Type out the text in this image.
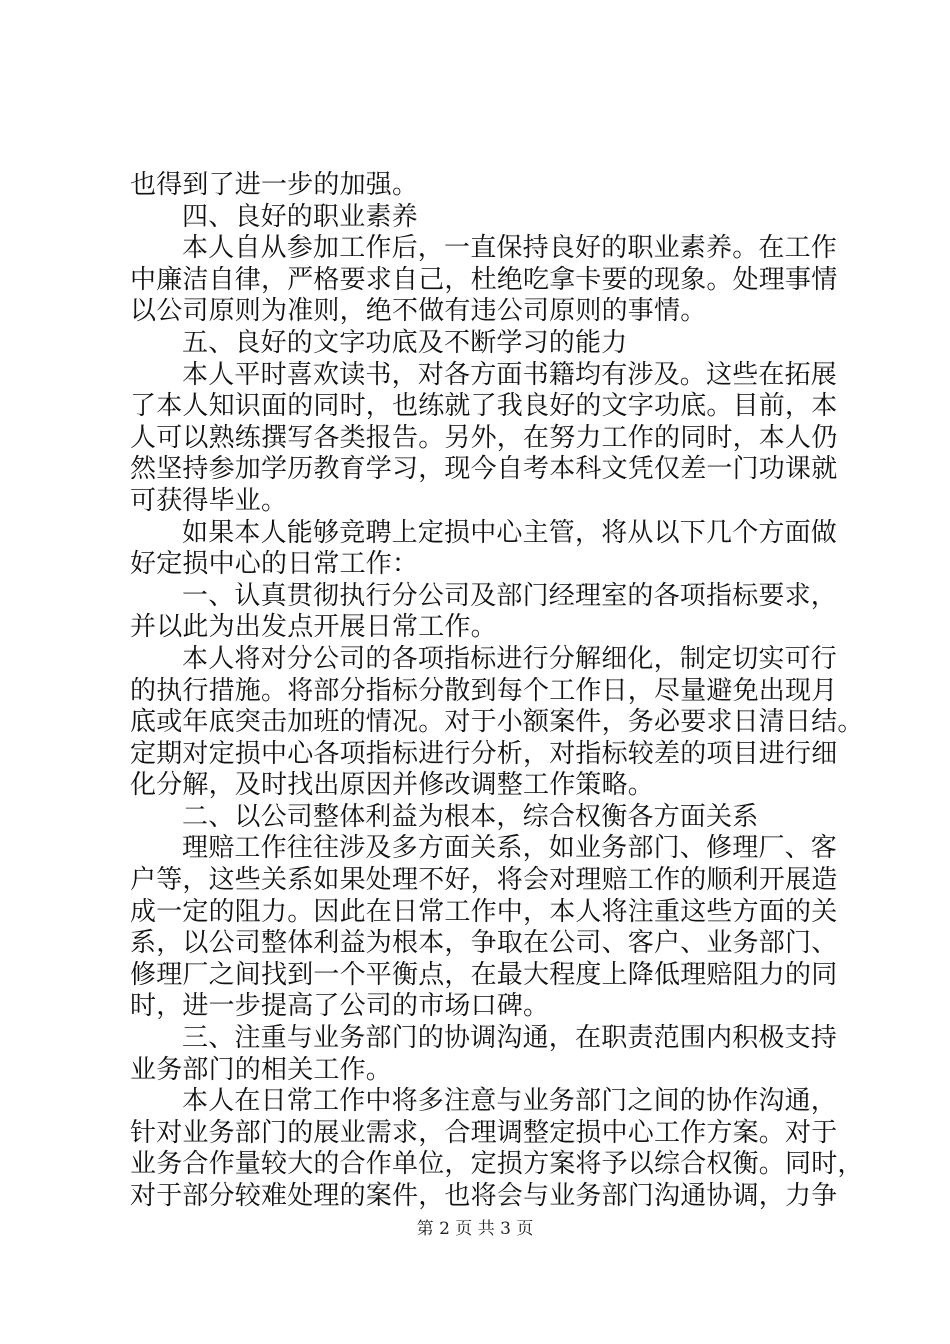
也得到了进一步的加强。
四、良好的职业素养
本人自从参加工作后，一直保持良好的职业素养。在工作
中廉洁自律，严格要求自己，杜绝吃拿卡要的现象。处理事情
以公司原则为准则，绝不做有违公司原则的事情。
五、良好的文字功底及不断学习的能力
本人平时喜欢读书，对各方面书籍均有涉及。这些在拓展
了本人知识面的同时，也练就了我良好的文字功底。目前，本
人可以熟练撰写各类报告。另外，在努力工作的同时，本人仍
然坚持参加学历教育学习，现今自考本科文凭仅差一门功课就
可获得毕业。
如果本人能够竞聘上定损中心主管，将从以下几个方面做
好定损中心的日常工作：
一、认真贯彻执行分公司及部门经理室的各项指标要求，
并以此为出发点开展日常工作。
本人将对分公司的各项指标进行分解细化，制定切实可行
的执行措施。将部分指标分散到每个工作日，尽量避免出现月
底或年底突击加班的情况。对于小额案件，务必要求日清日结。
定期对定损中心各项指标进行分析，对指标较差的项目进行细
化分解，及时找出原因并修改调整工作策略。
二、以公司整体利益为根本，综合权衡各方面关系
理赔工作往往涉及多方面关系，如业务部门、修理厂、客
户等，这些关系如果处理不好，将会对理赔工作的顺利开展造
成一定的阻力。因此在日常工作中，本人将注重这些方面的关
系，以公司整体利益为根本，争取在公司、客户、业务部门、
修理厂之间找到一个平衡点，在最大程度上降低理赔阻力的同
时，进一步提高了公司的市场口碑。
三、注重与业务部门的协调沟通，在职责范围内积极支持
业务部门的相关工作。
本人在日常工作中将多注意与业务部门之间的协作沟通，
针对业务部门的展业需求，合理调整定损中心工作方案。对于
业务合作量较大的合作单位，定损方案将予以综合权衡。同时，
对于部分较难处理的案件，也将会与业务部门沟通协调，力争
第 2 页 共 3 页
